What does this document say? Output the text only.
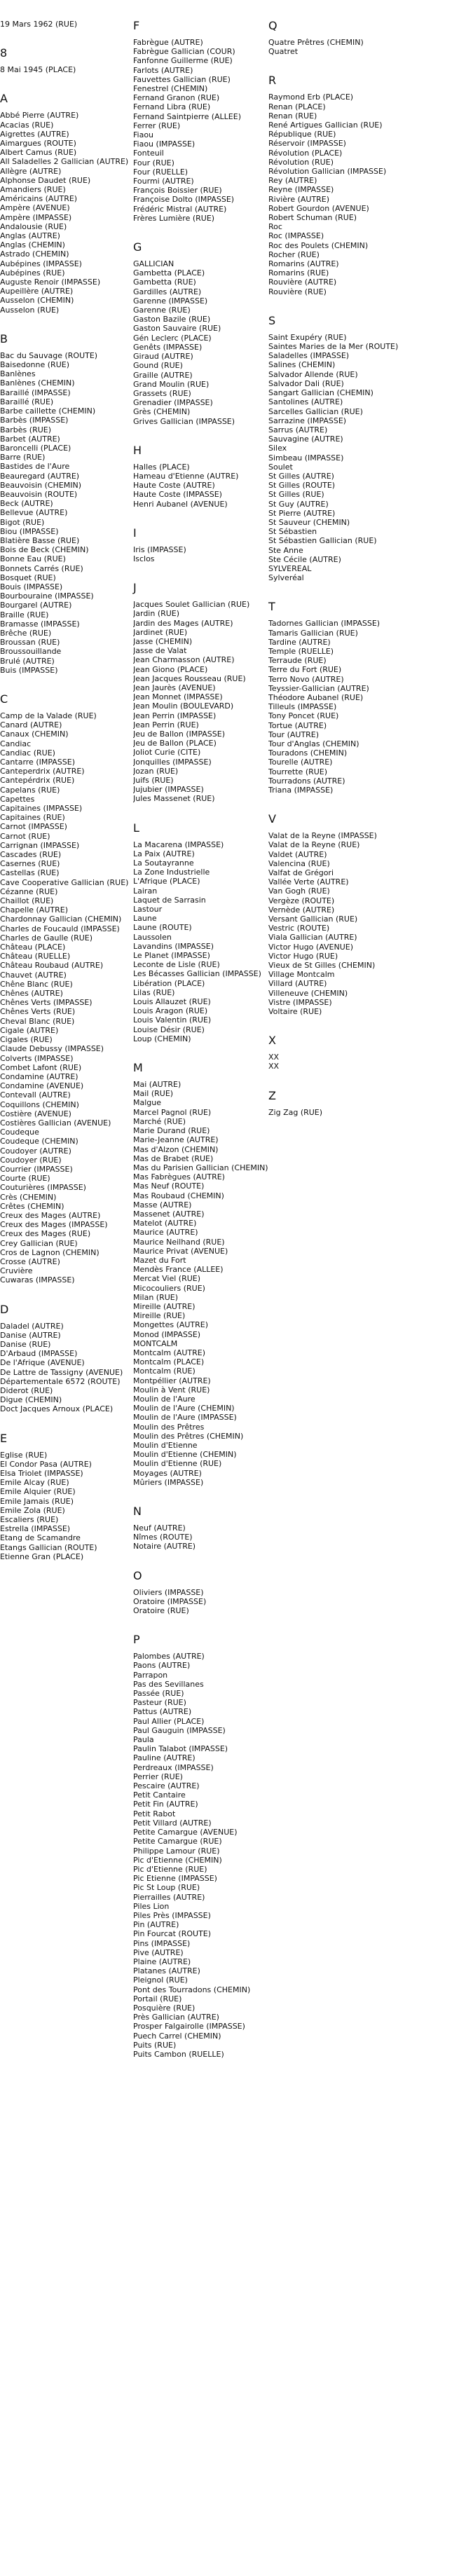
19 Mars 1962 (RUE)
8
8 Mai 1945 (PLACE)
A
Abbé Pierre (AUTRE)
Acacias (RUE)
Aigrettes (AUTRE)
Aimargues (ROUTE)
Albert Camus (RUE)
All Saladelles 2 Gallician (AUTRE)
Allègre (AUTRE)
Alphonse Daudet (RUE)
Amandiers (RUE)
Américains (AUTRE)
Ampère (AVENUE)
Ampère (IMPASSE)
Andalousie (RUE)
Anglas (AUTRE)
Anglas (CHEMIN)
Astrado (CHEMIN)
Aubépines (IMPASSE)
Aubépines (RUE)
Auguste Renoir (IMPASSE)
Aupeillère (AUTRE)
Ausselon (CHEMIN)
Ausselon (RUE)
B
Bac du Sauvage (ROUTE)
Baisedonne (RUE)
Banlènes
Banlènes (CHEMIN)
Baraillé (IMPASSE)
Baraillé (RUE)
Barbe caillette (CHEMIN)
Barbès (IMPASSE)
Barbès (RUE)
Barbet (AUTRE)
Baroncelli (PLACE)
Barre (RUE)
Bastides de l'Aure
Beauregard (AUTRE)
Beauvoisin (CHEMIN)
Beauvoisin (ROUTE)
Beck (AUTRE)
Bellevue (AUTRE)
Bigot (RUE)
Biou (IMPASSE)
Blatière Basse (RUE)
Bois de Beck (CHEMIN)
Bonne Eau (RUE)
Bonnets Carrés (RUE)
Bosquet (RUE)
Bouis (IMPASSE)
Bourbouraine (IMPASSE)
Bourgarel (AUTRE)
Braille (RUE)
Bramasse (IMPASSE)
Brêche (RUE)
Broussan (RUE)
Broussouillande
Brulé (AUTRE)
Buis (IMPASSE)
C
Camp de la Valade (RUE)
Canard (AUTRE)
Canaux (CHEMIN)
Candiac
Candiac (RUE)
Cantarre (IMPASSE)
Canteperdrix (AUTRE)
Cantepérdrix (RUE)
Capelans (RUE)
Capettes
Capitaines (IMPASSE)
Capitaines (RUE)
Carnot (IMPASSE)
Carnot (RUE)
Carrignan (IMPASSE)
Cascades (RUE)
Casernes (RUE)
Castellas (RUE)
Cave Cooperative Gallician (RUE)
Cézanne (RUE)
Chaillot (RUE)
Chapelle (AUTRE)
Chardonnay Gallician (CHEMIN)
Charles de Foucauld (IMPASSE)
Charles de Gaulle (RUE)
Château (PLACE)
Château (RUELLE)
Château Roubaud (AUTRE)
Chauvet (AUTRE)
Chêne Blanc (RUE)
Chênes (AUTRE)
Chênes Verts (IMPASSE)
Chênes Verts (RUE)
Cheval Blanc (RUE)
Cigale (AUTRE)
Cigales (RUE)
Claude Debussy (IMPASSE)
Colverts (IMPASSE)
Combet Lafont (RUE)
Condamine (AUTRE)
Condamine (AVENUE)
Contevall (AUTRE)
Coquillons (CHEMIN)
Costière (AVENUE)
Costières Gallician (AVENUE)
Coudeque
Coudeque (CHEMIN)
Coudoyer (AUTRE)
Coudoyer (RUE)
Courrier (IMPASSE)
Courte (RUE)
Couturières (IMPASSE)
Crès (CHEMIN)
Crêtes (CHEMIN)
Creux des Mages (AUTRE)
Creux des Mages (IMPASSE)
Creux des Mages (RUE)
Crey Gallician (RUE)
Cros de Lagnon (CHEMIN)
Crosse (AUTRE)
Cruvière
Cuwaras (IMPASSE)
D
Daladel (AUTRE)
Danise (AUTRE)
Danise (RUE)
D'Arbaud (IMPASSE)
De l'Afrique (AVENUE)
De Lattre de Tassigny (AVENUE)
Départementale 6572 (ROUTE)
Diderot (RUE)
Digue (CHEMIN)
Doct Jacques Arnoux (PLACE)
E
Eglise (RUE)
El Condor Pasa (AUTRE)
Elsa Triolet (IMPASSE)
Emile Alcay (RUE)
Emile Alquier (RUE)
Emile Jamais (RUE)
Emile Zola (RUE)
Escaliers (RUE)
Estrella (IMPASSE)
Etang de Scamandre
Etangs Gallician (ROUTE)
Etienne Gran (PLACE)
F
Fabrègue (AUTRE)
Fabrègue Gallician (COUR)
Fanfonne Guillerme (RUE)
Farlots (AUTRE)
Fauvettes Gallician (RUE)
Fenestrel (CHEMIN)
Fernand Granon (RUE)
Fernand Libra (RUE)
Fernand Saintpierre (ALLEE)
Ferrer (RUE)
Fiaou
Fiaou (IMPASSE)
Fonteuil
Four (RUE)
Four (RUELLE)
Fourmi (AUTRE)
François Boissier (RUE)
Françoise Dolto (IMPASSE)
Frédéric Mistral (AUTRE)
Frères Lumière (RUE)
G
GALLICIAN
Gambetta (PLACE)
Gambetta (RUE)
Gardilles (AUTRE)
Garenne (IMPASSE)
Garenne (RUE)
Gaston Bazile (RUE)
Gaston Sauvaire (RUE)
Gén Leclerc (PLACE)
Genêts (IMPASSE)
Giraud (AUTRE)
Gound (RUE)
Graille (AUTRE)
Grand Moulin (RUE)
Grassets (RUE)
Grenadier (IMPASSE)
Grès (CHEMIN)
Grives Gallician (IMPASSE)
H
Halles (PLACE)
Hameau d'Etienne (AUTRE)
Haute Coste (AUTRE)
Haute Coste (IMPASSE)
Henri Aubanel (AVENUE)
I
Iris (IMPASSE)
Isclos
J
Jacques Soulet Gallician (RUE)
Jardin (RUE)
Jardin des Mages (AUTRE)
Jardinet (RUE)
Jasse (CHEMIN)
Jasse de Valat
Jean Charmasson (AUTRE)
Jean Giono (PLACE)
Jean Jacques Rousseau (RUE)
Jean Jaurès (AVENUE)
Jean Monnet (IMPASSE)
Jean Moulin (BOULEVARD)
Jean Perrin (IMPASSE)
Jean Perrin (RUE)
Jeu de Ballon (IMPASSE)
Jeu de Ballon (PLACE)
Joliot Curie (CITE)
Jonquilles (IMPASSE)
Jozan (RUE)
Juifs (RUE)
Jujubier (IMPASSE)
Jules Massenet (RUE)
L
La Macarena (IMPASSE)
La Paix (AUTRE)
La Soutayranne
La Zone Industrielle
L'Afrique (PLACE)
Lairan
Laquet de Sarrasin
Lastour
Laune
Laune (ROUTE)
Laussolen
Lavandins (IMPASSE)
Le Planet (IMPASSE)
Leconte de Lisle (RUE)
Les Bécasses Gallician (IMPASSE)
Libération (PLACE)
Lilas (RUE)
Louis Allauzet (RUE)
Louis Aragon (RUE)
Louis Valentin (RUE)
Louise Désir (RUE)
Loup (CHEMIN)
M
Mai (AUTRE)
Mail (RUE)
Malgue
Marcel Pagnol (RUE)
Marché (RUE)
Marie Durand (RUE)
Marie-Jeanne (AUTRE)
Mas d'Alzon (CHEMIN)
Mas de Brabet (RUE)
Mas du Parisien Gallician (CHEMIN)
Mas Fabrègues (AUTRE)
Mas Neuf (ROUTE)
Mas Roubaud (CHEMIN)
Masse (AUTRE)
Massenet (AUTRE)
Matelot (AUTRE)
Maurice (AUTRE)
Maurice Neilhand (RUE)
Maurice Privat (AVENUE)
Mazet du Fort
Mendès France (ALLEE)
Mercat Viel (RUE)
Micocouliers (RUE)
Milan (RUE)
Mireille (AUTRE)
Mireille (RUE)
Mongettes (AUTRE)
Monod (IMPASSE)
MONTCALM
Montcalm (AUTRE)
Montcalm (PLACE)
Montcalm (RUE)
Montpéllier (AUTRE)
Moulin à Vent (RUE)
Moulin de l'Aure
Moulin de l'Aure (CHEMIN)
Moulin de l'Aure (IMPASSE)
Moulin des Prêtres
Moulin des Prêtres (CHEMIN)
Moulin d'Etienne
Moulin d'Etienne (CHEMIN)
Moulin d'Etienne (RUE)
Moyages (AUTRE)
Mûriers (IMPASSE)
N
Neuf (AUTRE)
Nîmes (ROUTE)
Notaire (AUTRE)
O
Oliviers (IMPASSE)
Oratoire (IMPASSE)
Oratoire (RUE)
P
Palombes (AUTRE)
Paons (AUTRE)
Parrapon
Pas des Sevillanes
Passée (RUE)
Pasteur (RUE)
Pattus (AUTRE)
Paul Allier (PLACE)
Paul Gauguin (IMPASSE)
Paula
Paulin Talabot (IMPASSE)
Pauline (AUTRE)
Perdreaux (IMPASSE)
Perrier (RUE)
Pescaire (AUTRE)
Petit Cantaire
Petit Fin (AUTRE)
Petit Rabot
Petit Villard (AUTRE)
Petite Camargue (AVENUE)
Petite Camargue (RUE)
Philippe Lamour (RUE)
Pic d'Etienne (CHEMIN)
Pic d'Etienne (RUE)
Pic Etienne (IMPASSE)
Pic St Loup (RUE)
Pierrailles (AUTRE)
Piles Lion
Piles Près (IMPASSE)
Pin (AUTRE)
Pin Fourcat (ROUTE)
Pins (IMPASSE)
Pive (AUTRE)
Plaine (AUTRE)
Platanes (AUTRE)
Pleignol (RUE)
Pont des Tourradons (CHEMIN)
Portail (RUE)
Posquière (RUE)
Près Gallician (AUTRE)
Prosper Falgairolle (IMPASSE)
Puech Carrel (CHEMIN)
Puits (RUE)
Puits Cambon (RUELLE)
Q
Quatre Prêtres (CHEMIN)
Quatret
R
Raymond Erb (PLACE)
Renan (PLACE)
Renan (RUE)
René Artigues Gallician (RUE)
République (RUE)
Réservoir (IMPASSE)
Révolution (PLACE)
Révolution (RUE)
Révolution Gallician (IMPASSE)
Rey (AUTRE)
Reyne (IMPASSE)
Rivière (AUTRE)
Robert Gourdon (AVENUE)
Robert Schuman (RUE)
Roc
Roc (IMPASSE)
Roc des Poulets (CHEMIN)
Rocher (RUE)
Romarins (AUTRE)
Romarins (RUE)
Rouvière (AUTRE)
Rouvière (RUE)
S
Saint Exupéry (RUE)
Saintes Maries de la Mer (ROUTE)
Saladelles (IMPASSE)
Salines (CHEMIN)
Salvador Allende (RUE)
Salvador Dali (RUE)
Sangart Gallician (CHEMIN)
Santolines (AUTRE)
Sarcelles Gallician (RUE)
Sarrazine (IMPASSE)
Sarrus (AUTRE)
Sauvagine (AUTRE)
Silex
Simbeau (IMPASSE)
Soulet
St Gilles (AUTRE)
St Gilles (ROUTE)
St Gilles (RUE)
St Guy (AUTRE)
St Pierre (AUTRE)
St Sauveur (CHEMIN)
St Sébastien
St Sébastien Gallician (RUE)
Ste Anne
Ste Cécile (AUTRE)
SYLVEREAL
Sylveréal
T
Tadornes Gallician (IMPASSE)
Tamaris Gallician (RUE)
Tardine (AUTRE)
Temple (RUELLE)
Terraude (RUE)
Terre du Fort (RUE)
Terro Novo (AUTRE)
Teyssier-Gallician (AUTRE)
Théodore Aubanel (RUE)
Tilleuls (IMPASSE)
Tony Poncet (RUE)
Tortue (AUTRE)
Tour (AUTRE)
Tour d'Anglas (CHEMIN)
Touradons (CHEMIN)
Tourelle (AUTRE)
Tourrette (RUE)
Tourradons (AUTRE)
Triana (IMPASSE)
V
Valat de la Reyne (IMPASSE)
Valat de la Reyne (RUE)
Valdet (AUTRE)
Valencina (RUE)
Valfat de Grégori
Vallée Verte (AUTRE)
Van Gogh (RUE)
Vergèze (ROUTE)
Vernède (AUTRE)
Versant Gallician (RUE)
Vestric (ROUTE)
Viala Gallician (AUTRE)
Victor Hugo (AVENUE)
Victor Hugo (RUE)
Vieux de St Gilles (CHEMIN)
Village Montcalm
Villard (AUTRE)
Villeneuve (CHEMIN)
Vistre (IMPASSE)
Voltaire (RUE)
X
XX
XX
Z
Zig Zag (RUE)
